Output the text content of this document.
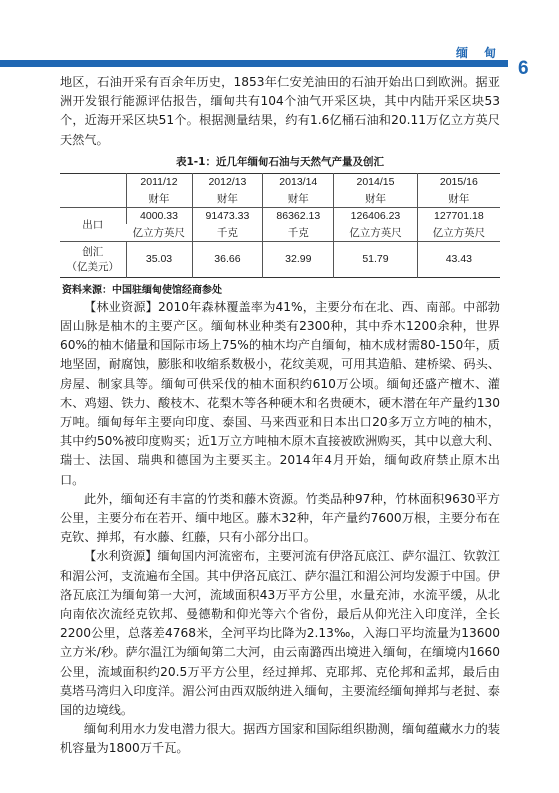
缅 甸
6

地区，石油开采有百余年历史，1853年仁安羌油田的石油开始出口到欧洲。据亚洲开发银行能源评估报告，缅甸共有104个油气开采区块，其中内陆开采区块53个，近海开采区块51个。根据测量结果，约有1.6亿桶石油和20.11万亿立方英尺天然气。

表1-1：近几年缅甸石油与天然气产量及创汇
	2011/12	2012/13	2013/14	2014/15	2015/16
	财年	财年	财年	财年	财年
出口	4000.33	91473.33	86362.13	126406.23	127701.18
	亿立方英尺	千克	千克	亿立方英尺	亿立方英尺

创汇
（亿美元）	35.03	36.66	32.99	51.79	43.43
资料来源：中国驻缅甸使馆经商参处

【林业资源】2010年森林覆盖率为41%，主要分布在北、西、南部。中部勃固山脉是柚木的主要产区。缅甸林业种类有2300种，其中乔木1200余种，世界60%的柚木储量和国际市场上75%的柚木均产自缅甸，柚木成材需80-150年，质地坚固，耐腐蚀，膨胀和收缩系数极小，花纹美观，可用其造船、建桥梁、码头、房屋、制家具等。缅甸可供采伐的柚木面积约610万公顷。缅甸还盛产檀木、灌木、鸡翅、铁力、酸枝木、花梨木等各种硬木和名贵硬木，硬木潜在年产量约130万吨。缅甸每年主要向印度、泰国、马来西亚和日本出口20多万立方吨的柚木，其中约50%被印度购买；近1万立方吨柚木原木直接被欧洲购买，其中以意大利、瑞士、法国、瑞典和德国为主要买主。2014年4月开始，缅甸政府禁止原木出口。

此外，缅甸还有丰富的竹类和藤木资源。竹类品种97种，竹林面积9630平方公里，主要分布在若开、缅中地区。藤木32种，年产量约7600万根，主要分布在克钦、掸邦，有水藤、红藤，只有小部分出口。

【水利资源】缅甸国内河流密布，主要河流有伊洛瓦底江、萨尔温江、钦敦江和湄公河，支流遍布全国。其中伊洛瓦底江、萨尔温江和湄公河均发源于中国。伊洛瓦底江为缅甸第一大河，流域面积43万平方公里，水量充沛，水流平缓，从北向南依次流经克钦邦、曼德勒和仰光等六个省份，最后从仰光注入印度洋，全长2200公里，总落差4768米，全河平均比降为2.13‰，入海口平均流量为13600立方米/秒。萨尔温江为缅甸第二大河，由云南潞西出境进入缅甸，在缅境内1660公里，流域面积约20.5万平方公里，经过掸邦、克耶邦、克伦邦和孟邦，最后由莫塔马湾归入印度洋。湄公河由西双版纳进入缅甸，主要流经缅甸掸邦与老挝、泰国的边境线。

缅甸利用水力发电潜力很大。据西方国家和国际组织勘测，缅甸蕴藏水力的装机容量为1800万千瓦。
